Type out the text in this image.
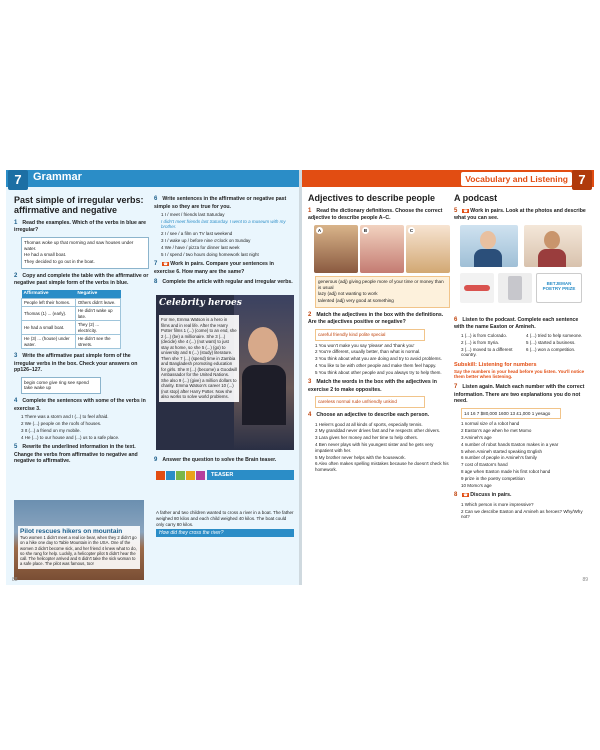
7	Grammar
Past simple of irregular verbs: affirmative and negative
1 Read the examples. Which of the verbs in blue are irregular?

Thomas woke up that morning and saw houses under water.

He had a small boat.

They decided to go out in the boat.

2 Copy and complete the table with the affirmative or negative past simple form of the verbs in blue.
Affirmative	Negative
People left their homes.	Others didn't leave.
Thomas (1) ... (early).	He didn't wake up late.
He had a small boat.	They (2) ... electricity.
He (3) ... (house) under water.	He didn't see the streets.
3 Write the affirmative past simple form of the irregular verbs in the box. Check your answers on pp126–127.
begin come give ring see spend take wake up
4 Complete the sentences with some of the verbs in exercise 3.
1 There was a storm and I (...) to feel afraid.
2 We (...) people on the roofs of houses.
3 It (...) a friend on my mobile.
4 He (...) to our house and (...) us to a safe place.
5 Rewrite the underlined information in the text. Change the verbs from affirmative to negative and negative to affirmative.
Pilot rescues hikers on mountain
Two women 1 didn't meet a real ice bear, when they 2 didn't go on a hike one day to Table Mountain in the USA. One of the women 3 didn't become sick, and her friend 4 knew what to do, so she rang for help. Luckily, a helicopter pilot 5 didn't hear the call. The helicopter arrived and 6 didn't take the sick woman to a safe place. The pilot was famous, too!
6 Write sentences in the affirmative or negative past simple so they are true for you.
1 I / meet / friends last Saturday
I didn't meet friends last Saturday. I went to a museum with my brother.
2 I / see / a film on TV last weekend
3 I / wake up / before nine o'clock on Sunday
4 We / have / pizza for dinner last week
5 I / spend / two hours doing homework last night
7 ☎ Work in pairs. Compare your sentences in exercise 6. How many are the same?
8 Complete the article with regular and irregular verbs.
Celebrity heroes
For me, Emma Watson is a hero in films and in real life. After the Harry Potter films 1 (...) (come) to an end, she 2 (...) (be) a millionaire. She 3 (...) (decide) she 4 (...) (not want) to just stay at home, so she 5 (...) (go) to university and 6 (...) (study) literature. Then she 7 (...) (spend) time in Zambia and Bangladesh promoting education for girls. She 8 (...) (become) a Goodwill Ambassador for the United Nations. She also 9 (...) (give) a million dollars to charity. Emma Watson's career 10 (...) (not stop) after Harry Potter. Now she also works to solve world problems.
9 Answer the question to solve the Brain teaser.
TEASER
A father and two children wanted to cross a river in a boat. The father weighed 80 kilos and each child weighed 40 kilos. The boat could only carry 80 kilos.
How did they cross the river?
88
Vocabulary and Listening 7
Adjectives to describe people
1 Read the dictionary definitions. Choose the correct adjective to describe people A–C.
A	B	C

generous (adj) giving people more of your time or money than is usual

lazy (adj) not wanting to work

talented (adj) very good at something

2 Match the adjectives in the box with the definitions. Are the adjectives positive or negative?
careful friendly kind polite special
1 You won't make you say 'please' and 'thank you'
2 You're different, usually better, than what is normal.
3 You think about what you are doing and try to avoid problems.
4 You like to be with other people and make them feel happy.
5 You think about other people and you always try to help them.
3 Match the words in the box with the adjectives in exercise 2 to make opposites.
careless normal rude unfriendly unkind
4 Choose an adjective to describe each person.
1 Helen's good at all kinds of sports, especially tennis.
2 My granddad never drives fast and he respects other drivers.
3 Lara gives her money and her time to help others.
4 Ben never plays with his youngest sister and he gets very impatient with her.
5 My brother never helps with the housework.
6 Alex often makes spelling mistakes because he doesn't check his homework.
A podcast
5 ☎ Work in pairs. Look at the photos and describe what you can see.
BETJEMAN POETRY PRIZE
6 Listen to the podcast. Complete each sentence with the name Easton or Amineh.
1 (...) is from Colorado.	4 (...) tried to help someone.
2 (...) is from Syria.	5 (...) started a business.
3 (...) moved to a different country.
6 (...) won a competition.
Subskill: Listening for numbers
Say the numbers in your head before you listen. You'll notice them better when listening.
7 Listen again. Match each number with the correct information. There are two explanations you do not need.
14 16 7 $80,000 1600 13 £1,000 1 yesago
1 normal size of a robot hand
2 Easton's age when he met Momo
3 Amineh's age
4 number of robot hands Easton makes in a year
5 when Amineh started speaking English
6 number of people in Amineh's family
7 cost of Easton's hand
8 age when Easton made his first robot hand
9 prize in the poetry competition
10 Momo's age
8 ☎ Discuss in pairs.
1 Which person is more impressive?
2 Can we describe Easton and Amineh as heroes? Why/Why not?
89
